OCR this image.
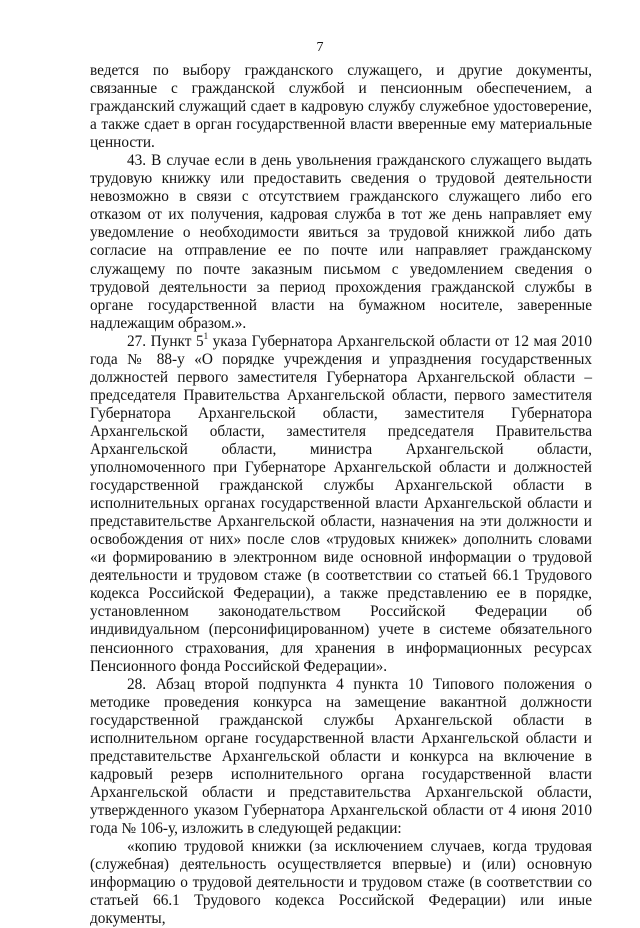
7

ведется по выбору гражданского служащего, и другие документы, связанные с гражданской службой и пенсионным обеспечением, а гражданский служащий сдает в кадровую службу служебное удостоверение, а также сдает в орган государственной власти вверенные ему материальные ценности.

43. В случае если в день увольнения гражданского служащего выдать трудовую книжку или предоставить сведения о трудовой деятельности невозможно в связи с отсутствием гражданского служащего либо его отказом от их получения, кадровая служба в тот же день направляет ему уведомление о необходимости явиться за трудовой книжкой либо дать согласие на отправление ее по почте или направляет гражданскому служащему по почте заказным письмом с уведомлением сведения о трудовой деятельности за период прохождения гражданской службы в органе государственной власти на бумажном носителе, заверенные надлежащим образом.».

27. Пункт $5^1$ указа Губернатора Архангельской области от 12 мая 2010 года № 88-у «О порядке учреждения и упразднения государственных должностей первого заместителя Губернатора Архангельской области – председателя Правительства Архангельской области, первого заместителя Губернатора Архангельской области, заместителя Губернатора Архангельской области, заместителя председателя Правительства Архангельской области, министра Архангельской области, уполномоченного при Губернаторе Архангельской области и должностей государственной гражданской службы Архангельской области в исполнительных органах государственной власти Архангельской области и представительстве Архангельской области, назначения на эти должности и освобождения от них» после слов «трудовых книжек» дополнить словами «и формированию в электронном виде основной информации о трудовой деятельности и трудовом стаже (в соответствии со статьей 66.1 Трудового кодекса Российской Федерации), а также представлению ее в порядке, установленном законодательством Российской Федерации об индивидуальном (персонифицированном) учете в системе обязательного пенсионного страхования, для хранения в информационных ресурсах Пенсионного фонда Российской Федерации».

28. Абзац второй подпункта 4 пункта 10 Типового положения о методике проведения конкурса на замещение вакантной должности государственной гражданской службы Архангельской области в исполнительном органе государственной власти Архангельской области и представительстве Архангельской области и конкурса на включение в кадровый резерв исполнительного органа государственной власти Архангельской области и представительства Архангельской области, утвержденного указом Губернатора Архангельской области от 4 июня 2010 года № 106-у, изложить в следующей редакции:

«копию трудовой книжки (за исключением случаев, когда трудовая (служебная) деятельность осуществляется впервые) и (или) основную информацию о трудовой деятельности и трудовом стаже (в соответствии со статьей 66.1 Трудового кодекса Российской Федерации) или иные документы,
